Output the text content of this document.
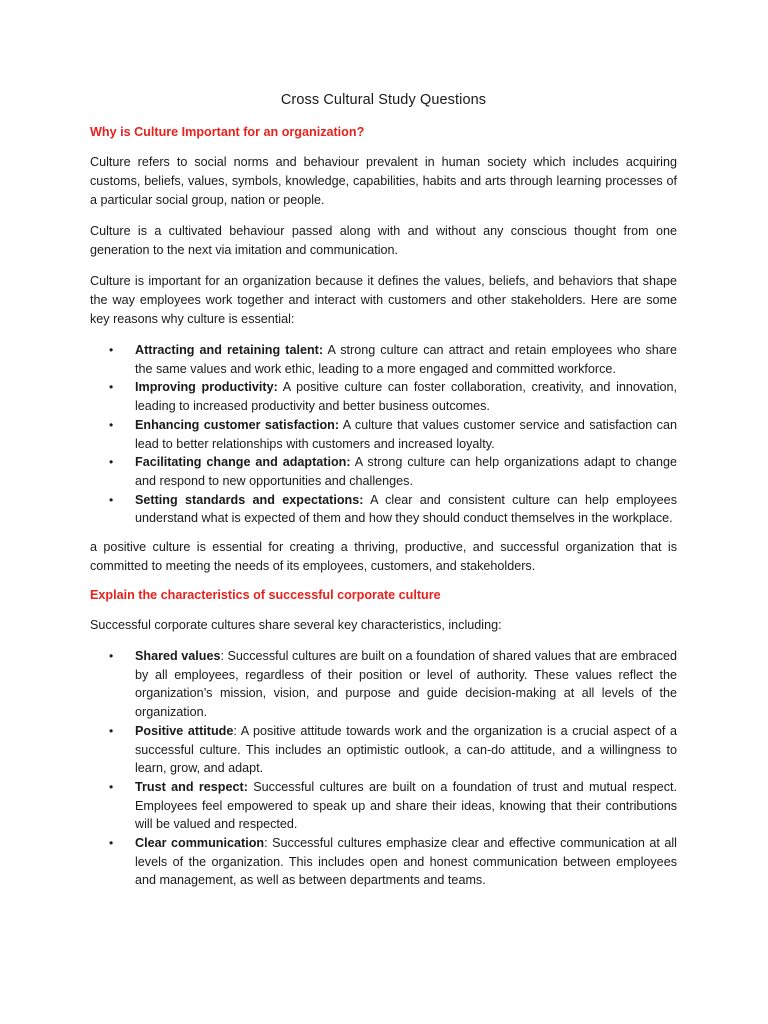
Cross Cultural Study Questions
Why is Culture Important for an organization?

Culture refers to social norms and behaviour prevalent in human society which includes acquiring customs, beliefs, values, symbols, knowledge, capabilities, habits and arts through learning processes of a particular social group, nation or people.

Culture is a cultivated behaviour passed along with and without any conscious thought from one generation to the next via imitation and communication.

Culture is important for an organization because it defines the values, beliefs, and behaviors that shape the way employees work together and interact with customers and other stakeholders. Here are some key reasons why culture is essential:

• Attracting and retaining talent: A strong culture can attract and retain employees who share the same values and work ethic, leading to a more engaged and committed workforce.
• Improving productivity: A positive culture can foster collaboration, creativity, and innovation, leading to increased productivity and better business outcomes.
• Enhancing customer satisfaction: A culture that values customer service and satisfaction can lead to better relationships with customers and increased loyalty.
• Facilitating change and adaptation: A strong culture can help organizations adapt to change and respond to new opportunities and challenges.
• Setting standards and expectations: A clear and consistent culture can help employees understand what is expected of them and how they should conduct themselves in the workplace.

a positive culture is essential for creating a thriving, productive, and successful organization that is committed to meeting the needs of its employees, customers, and stakeholders.

Explain the characteristics of successful corporate culture

Successful corporate cultures share several key characteristics, including:

• Shared values: Successful cultures are built on a foundation of shared values that are embraced by all employees, regardless of their position or level of authority. These values reflect the organization’s mission, vision, and purpose and guide decision-making at all levels of the organization.
• Positive attitude: A positive attitude towards work and the organization is a crucial aspect of a successful culture. This includes an optimistic outlook, a can-do attitude, and a willingness to learn, grow, and adapt.
• Trust and respect: Successful cultures are built on a foundation of trust and mutual respect. Employees feel empowered to speak up and share their ideas, knowing that their contributions will be valued and respected.
• Clear communication: Successful cultures emphasize clear and effective communication at all levels of the organization. This includes open and honest communication between employees and management, as well as between departments and teams.
